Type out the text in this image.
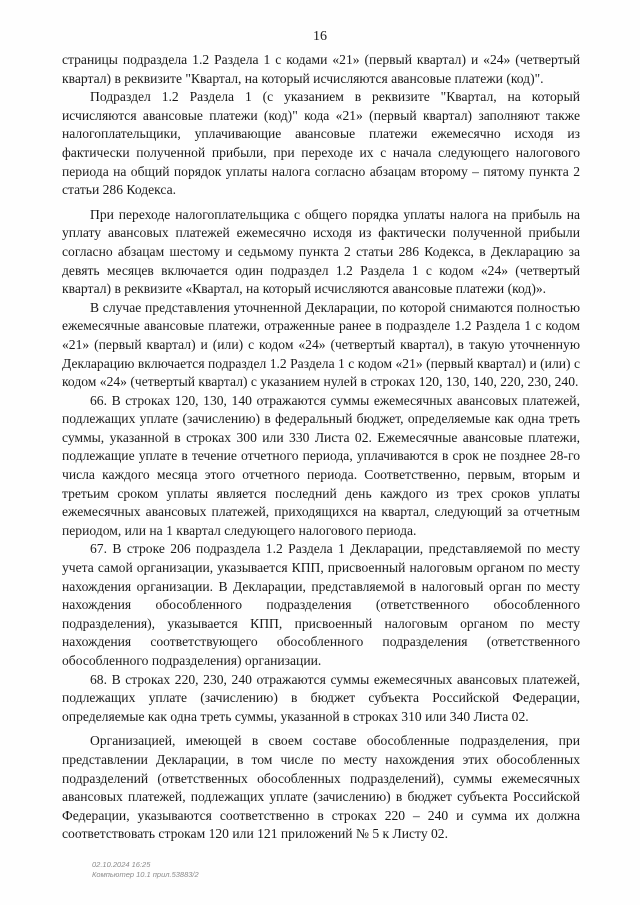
16

страницы подраздела 1.2 Раздела 1 с кодами «21» (первый квартал) и «24» (четвертый квартал) в реквизите "Квартал, на который исчисляются авансовые платежи (код)".

Подраздел 1.2 Раздела 1 (с указанием в реквизите "Квартал, на который исчисляются авансовые платежи (код)" кода «21» (первый квартал) заполняют также налогоплательщики, уплачивающие авансовые платежи ежемесячно исходя из фактически полученной прибыли, при переходе их с начала следующего налогового периода на общий порядок уплаты налога согласно абзацам второму – пятому пункта 2 статьи 286 Кодекса.

При переходе налогоплательщика с общего порядка уплаты налога на прибыль на уплату авансовых платежей ежемесячно исходя из фактически полученной прибыли согласно абзацам шестому и седьмому пункта 2 статьи 286 Кодекса, в Декларацию за девять месяцев включается один подраздел 1.2 Раздела 1 с кодом «24» (четвертый квартал) в реквизите «Квартал, на который исчисляются авансовые платежи (код)».

В случае представления уточненной Декларации, по которой снимаются полностью ежемесячные авансовые платежи, отраженные ранее в подразделе 1.2 Раздела 1 с кодом «21» (первый квартал) и (или) с кодом «24» (четвертый квартал), в такую уточненную Декларацию включается подраздел 1.2 Раздела 1 с кодом «21» (первый квартал) и (или) с кодом «24» (четвертый квартал) с указанием нулей в строках 120, 130, 140, 220, 230, 240.

66. В строках 120, 130, 140 отражаются суммы ежемесячных авансовых платежей, подлежащих уплате (зачислению) в федеральный бюджет, определяемые как одна треть суммы, указанной в строках 300 или 330 Листа 02. Ежемесячные авансовые платежи, подлежащие уплате в течение отчетного периода, уплачиваются в срок не позднее 28-го числа каждого месяца этого отчетного периода. Соответственно, первым, вторым и третьим сроком уплаты является последний день каждого из трех сроков уплаты ежемесячных авансовых платежей, приходящихся на квартал, следующий за отчетным периодом, или на 1 квартал следующего налогового периода.

67. В строке 206 подраздела 1.2 Раздела 1 Декларации, представляемой по месту учета самой организации, указывается КПП, присвоенный налоговым органом по месту нахождения организации. В Декларации, представляемой в налоговый орган по месту нахождения обособленного подразделения (ответственного обособленного подразделения), указывается КПП, присвоенный налоговым органом по месту нахождения соответствующего обособленного подразделения (ответственного обособленного подразделения) организации.

68. В строках 220, 230, 240 отражаются суммы ежемесячных авансовых платежей, подлежащих уплате (зачислению) в бюджет субъекта Российской Федерации, определяемые как одна треть суммы, указанной в строках 310 или 340 Листа 02.

Организацией, имеющей в своем составе обособленные подразделения, при представлении Декларации, в том числе по месту нахождения этих обособленных подразделений (ответственных обособленных подразделений), суммы ежемесячных авансовых платежей, подлежащих уплате (зачислению) в бюджет субъекта Российской Федерации, указываются соответственно в строках 220 – 240 и сумма их должна соответствовать строкам 120 или 121 приложений № 5 к Листу 02.

02.10.2024 16:25
Компьютер 10.1 прил.53883/2
